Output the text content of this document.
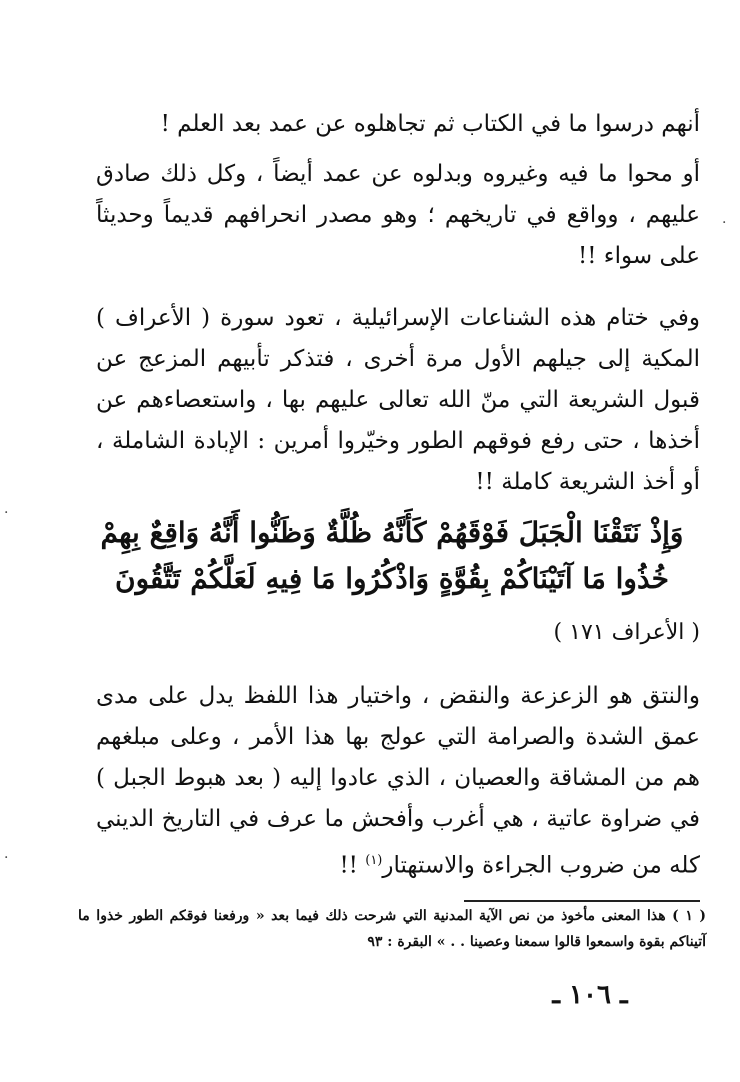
أنهم درسوا ما في الكتاب ثم تجاهلوه عن عمد بعد العلم !

أو محوا ما فيه وغيروه وبدلوه عن عمد أيضاً ، وكل ذلك صادق عليهم ، وواقع في تاريخهم ؛ وهو مصدر انحرافهم قديماً وحديثاً على سواء !!

وفي ختام هذه الشناعات الإسرائيلية ، تعود سورة ( الأعراف ) المكية إلى جيلهم الأول مرة أخرى ، فتذكر تأبيهم المزعج عن قبول الشريعة التي منّ الله تعالى عليهم بها ، واستعصاءهم عن أخذها ، حتى رفع فوقهم الطور وخيّروا أمرين : الإبادة الشاملة ، أو أخذ الشريعة كاملة !!

وَإِذْ نَتَقْنَا الْجَبَلَ فَوْقَهُمْ كَأَنَّهُ ظُلَّةٌ وَظَنُّوا أَنَّهُ وَاقِعٌ بِهِمْ خُذُوا مَا آتَيْنَاكُمْ بِقُوَّةٍ وَاذْكُرُوا مَا فِيهِ لَعَلَّكُمْ تَتَّقُونَ
( الأعراف ١٧١ )

والنتق هو الزعزعة والنقض ، واختيار هذا اللفظ يدل على مدى عمق الشدة والصرامة التي عولج بها هذا الأمر ، وعلى مبلغهم هم من المشاقة والعصيان ، الذي عادوا إليه ( بعد هبوط الجبل ) في ضراوة عاتية ، هي أغرب وأفحش ما عرف في التاريخ الديني كله من ضروب الجراءة والاستهتار$^{(١)}$ !!

( ١ ) هذا المعنى مأخوذ من نص الآية المدنية التي شرحت ذلك فيما بعد « ورفعنا فوقكم الطور خذوا ما آتيناكم بقوة واسمعوا قالوا سمعنا وعصينا . . » البقرة : ٩٣

ـ ١٠٦ ـ
·
·
·
